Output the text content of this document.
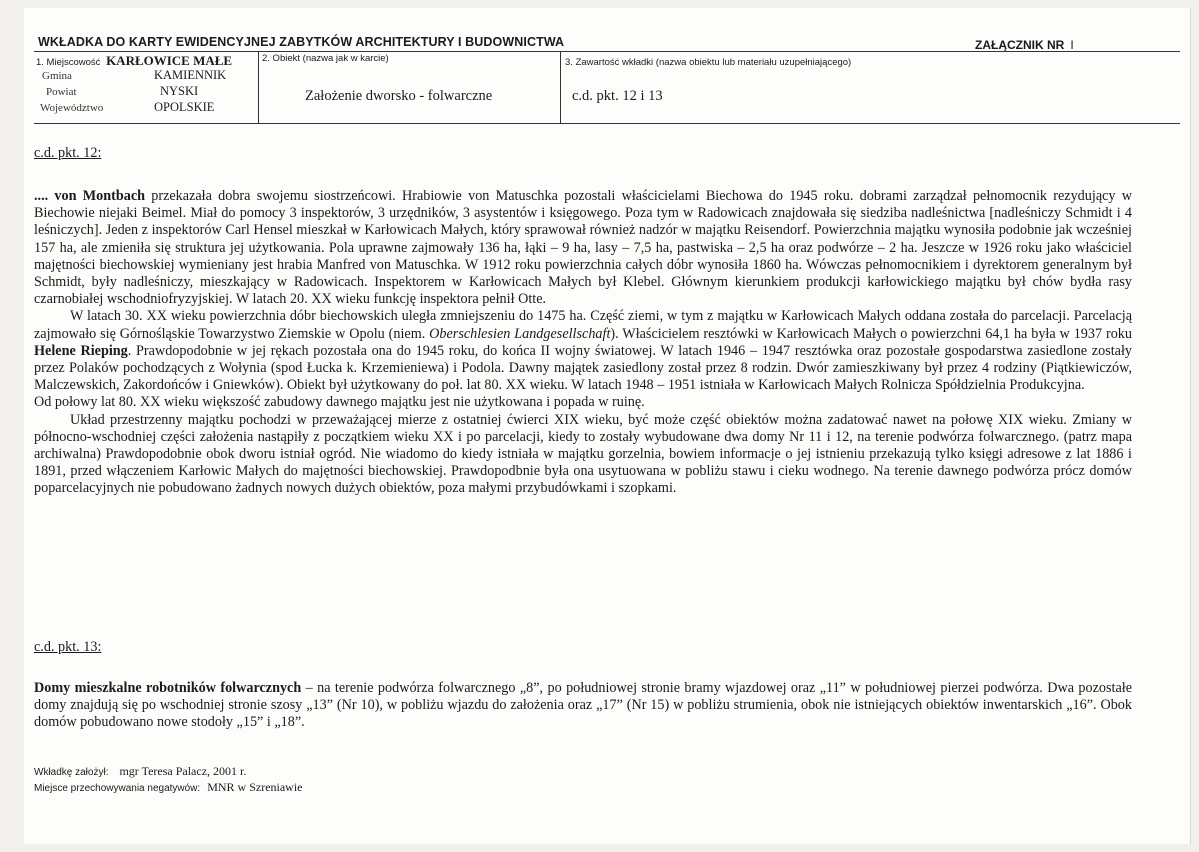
WKŁADKA DO KARTY EWIDENCYJNEJ ZABYTKÓW ARCHITEKTURY I BUDOWNICTWA	ZAŁĄCZNIK NR I
1. Miejscowość KARŁOWICE MAŁE
Gmina	KAMIENNIK
Powiat	NYSKI
Województwo	OPOLSKIE
2. Obiekt (nazwa jak w karcie)
Założenie dworsko - folwarczne
3. Zawartość wkładki (nazwa obiektu lub materiału uzupełniającego)
c.d. pkt. 12 i 13
c.d. pkt. 12:

.... von Montbach przekazała dobra swojemu siostrzeńcowi. Hrabiowie von Matuschka pozostali właścicielami Biechowa do 1945 roku. dobrami zarządzał pełnomocnik rezydujący w Biechowie niejaki Beimel. Miał do pomocy 3 inspektorów, 3 urzędników, 3 asystentów i księgowego. Poza tym w Radowicach znajdowała się siedziba nadleśnictwa [nadleśniczy Schmidt i 4 leśniczych]. Jeden z inspektorów Carl Hensel mieszkał w Karłowicach Małych, który sprawował również nadzór w majątku Reisendorf. Powierzchnia majątku wynosiła podobnie jak wcześniej 157 ha, ale zmieniła się struktura jej użytkowania. Pola uprawne zajmowały 136 ha, łąki – 9 ha, lasy – 7,5 ha, pastwiska – 2,5 ha oraz podwórze – 2 ha. Jeszcze w 1926 roku jako właściciel majętności biechowskiej wymieniany jest hrabia Manfred von Matuschka. W 1912 roku powierzchnia całych dóbr wynosiła 1860 ha. Wówczas pełnomocnikiem i dyrektorem generalnym był Schmidt, były nadleśniczy, mieszkający w Radowicach. Inspektorem w Karłowicach Małych był Klebel. Głównym kierunkiem produkcji karłowickiego majątku był chów bydła rasy czarnobiałej wschodniofryzyjskiej. W latach 20. XX wieku funkcję inspektora pełnił Otte.

W latach 30. XX wieku powierzchnia dóbr biechowskich uległa zmniejszeniu do 1475 ha. Część ziemi, w tym z majątku w Karłowicach Małych oddana została do parcelacji. Parcelacją zajmowało się Górnośląskie Towarzystwo Ziemskie w Opolu (niem. Oberschlesien Landgesellschaft). Właścicielem resztówki w Karłowicach Małych o powierzchni 64,1 ha była w 1937 roku Helene Rieping. Prawdopodobnie w jej rękach pozostała ona do 1945 roku, do końca II wojny światowej. W latach 1946 – 1947 resztówka oraz pozostałe gospodarstwa zasiedlone zostały przez Polaków pochodzących z Wołynia (spod Łucka k. Krzemieniewa) i Podola. Dawny majątek zasiedlony został przez 8 rodzin. Dwór zamieszkiwany był przez 4 rodziny (Piątkiewiczów, Malczewskich, Zakordońców i Gniewków). Obiekt był użytkowany do poł. lat 80. XX wieku. W latach 1948 – 1951 istniała w Karłowicach Małych Rolnicza Spółdzielnia Produkcyjna.

Od połowy lat 80. XX wieku większość zabudowy dawnego majątku jest nie użytkowana i popada w ruinę.

Układ przestrzenny majątku pochodzi w przeważającej mierze z ostatniej ćwierci XIX wieku, być może część obiektów można zadatować nawet na połowę XIX wieku. Zmiany w północno-wschodniej części założenia nastąpiły z początkiem wieku XX i po parcelacji, kiedy to zostały wybudowane dwa domy Nr 11 i 12, na terenie podwórza folwarcznego. (patrz mapa archiwalna) Prawdopodobnie obok dworu istniał ogród. Nie wiadomo do kiedy istniała w majątku gorzelnia, bowiem informacje o jej istnieniu przekazują tylko księgi adresowe z lat 1886 i 1891, przed włączeniem Karłowic Małych do majętności biechowskiej. Prawdopodbnie była ona usytuowana w pobliżu stawu i cieku wodnego. Na terenie dawnego podwórza prócz domów poparcelacyjnych nie pobudowano żadnych nowych dużych obiektów, poza małymi przybudówkami i szopkami.

c.d. pkt. 13:

Domy mieszkalne robotników folwarcznych – na terenie podwórza folwarcznego „8”, po południowej stronie bramy wjazdowej oraz „11” w południowej pierzei podwórza. Dwa pozostałe domy znajdują się po wschodniej stronie szosy „13” (Nr 10), w pobliżu wjazdu do założenia oraz „17” (Nr 15) w pobliżu strumienia, obok nie istniejących obiektów inwentarskich „16”. Obok domów pobudowano nowe stodoły „15” i „18”.

Wkładkę założył: mgr Teresa Palacz, 2001 r.
Miejsce przechowywania negatywów: MNR w Szreniawie
